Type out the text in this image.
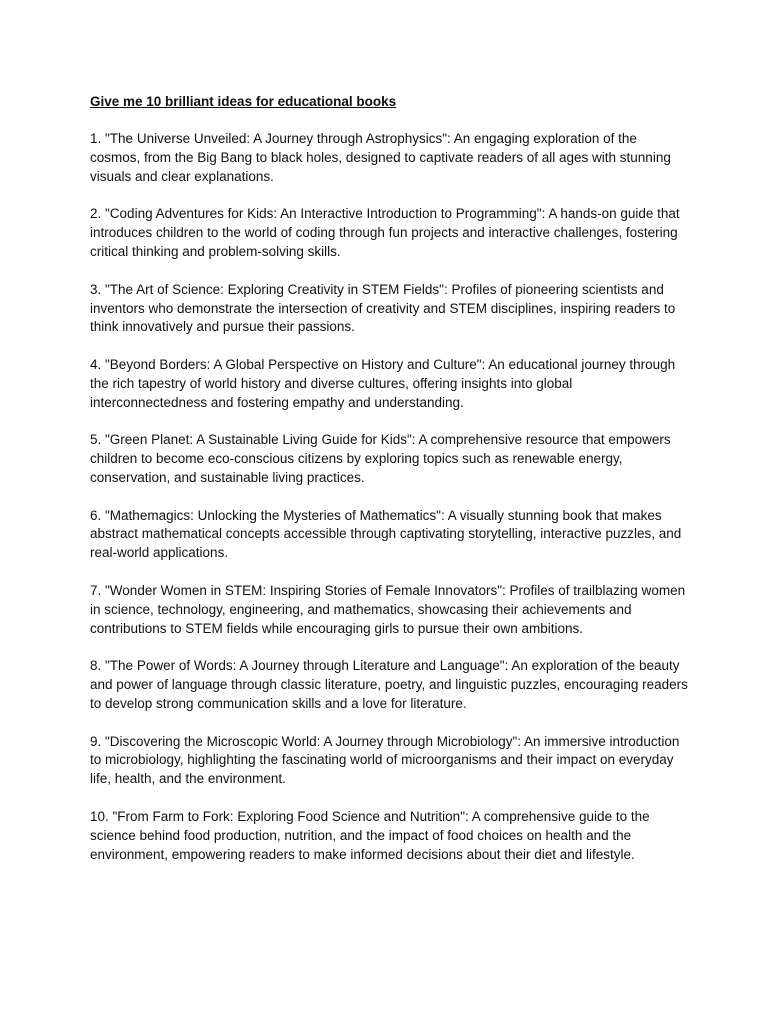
Give me 10 brilliant ideas for educational books
1. "The Universe Unveiled: A Journey through Astrophysics": An engaging exploration of the cosmos, from the Big Bang to black holes, designed to captivate readers of all ages with stunning visuals and clear explanations.
2. "Coding Adventures for Kids: An Interactive Introduction to Programming": A hands-on guide that introduces children to the world of coding through fun projects and interactive challenges, fostering critical thinking and problem-solving skills.
3. "The Art of Science: Exploring Creativity in STEM Fields": Profiles of pioneering scientists and inventors who demonstrate the intersection of creativity and STEM disciplines, inspiring readers to think innovatively and pursue their passions.
4. "Beyond Borders: A Global Perspective on History and Culture": An educational journey through the rich tapestry of world history and diverse cultures, offering insights into global interconnectedness and fostering empathy and understanding.
5. "Green Planet: A Sustainable Living Guide for Kids": A comprehensive resource that empowers children to become eco-conscious citizens by exploring topics such as renewable energy, conservation, and sustainable living practices.
6. "Mathemagics: Unlocking the Mysteries of Mathematics": A visually stunning book that makes abstract mathematical concepts accessible through captivating storytelling, interactive puzzles, and real-world applications.
7. "Wonder Women in STEM: Inspiring Stories of Female Innovators": Profiles of trailblazing women in science, technology, engineering, and mathematics, showcasing their achievements and contributions to STEM fields while encouraging girls to pursue their own ambitions.
8. "The Power of Words: A Journey through Literature and Language": An exploration of the beauty and power of language through classic literature, poetry, and linguistic puzzles, encouraging readers to develop strong communication skills and a love for literature.
9. "Discovering the Microscopic World: A Journey through Microbiology": An immersive introduction to microbiology, highlighting the fascinating world of microorganisms and their impact on everyday life, health, and the environment.
10. "From Farm to Fork: Exploring Food Science and Nutrition": A comprehensive guide to the science behind food production, nutrition, and the impact of food choices on health and the environment, empowering readers to make informed decisions about their diet and lifestyle.
